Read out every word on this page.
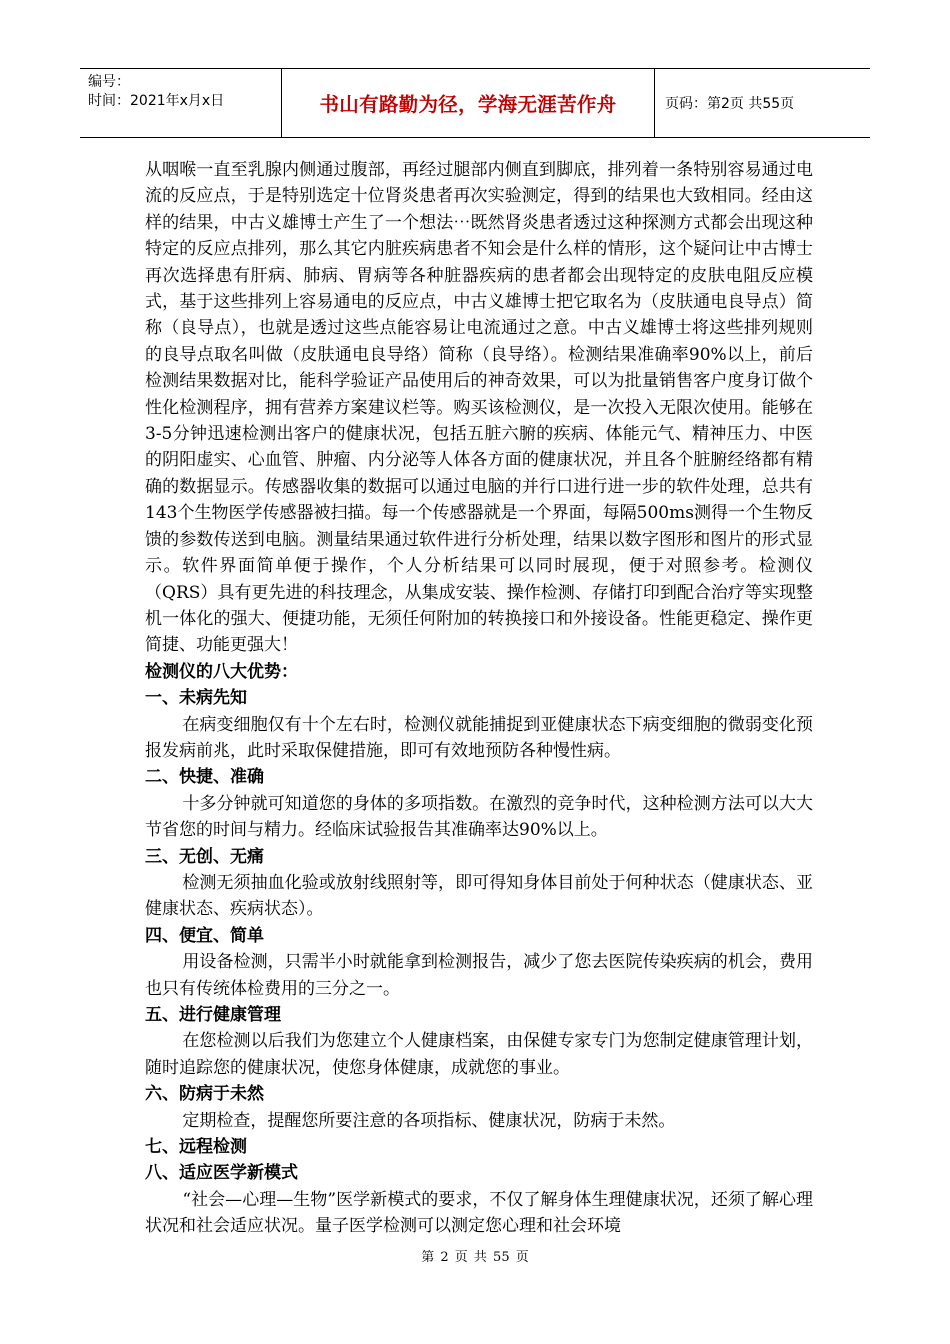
编号：
时间：2021年x月x日	书山有路勤为径，学海无涯苦作舟	页码：第2页 共55页

从咽喉一直至乳腺内侧通过腹部，再经过腿部内侧直到脚底，排列着一条特别容易通过电流的反应点，于是特别选定十位肾炎患者再次实验测定，得到的结果也大致相同。经由这样的结果，中古义雄博士产生了一个想法⋯既然肾炎患者透过这种探测方式都会出现这种特定的反应点排列，那么其它内脏疾病患者不知会是什么样的情形，这个疑问让中古博士再次选择患有肝病、肺病、胃病等各种脏器疾病的患者都会出现特定的皮肤电阻反应模式，基于这些排列上容易通电的反应点，中古义雄博士把它取名为（皮肤通电良导点）简称（良导点），也就是透过这些点能容易让电流通过之意。中古义雄博士将这些排列规则的良导点取名叫做（皮肤通电良导络）简称（良导络）。检测结果准确率90%以上，前后检测结果数据对比，能科学验证产品使用后的神奇效果，可以为批量销售客户度身订做个性化检测程序，拥有营养方案建议栏等。购买该检测仪，是一次投入无限次使用。能够在3-5分钟迅速检测出客户的健康状况，包括五脏六腑的疾病、体能元气、精神压力、中医的阴阳虚实、心血管、肿瘤、内分泌等人体各方面的健康状况，并且各个脏腑经络都有精确的数据显示。传感器收集的数据可以通过电脑的并行口进行进一步的软件处理，总共有143个生物医学传感器被扫描。每一个传感器就是一个界面，每隔500ms测得一个生物反馈的参数传送到电脑。测量结果通过软件进行分析处理，结果以数字图形和图片的形式显示。软件界面简单便于操作，个人分析结果可以同时展现，便于对照参考。检测仪（QRS）具有更先进的科技理念，从集成安装、操作检测、存储打印到配合治疗等实现整机一体化的强大、便捷功能，无须任何附加的转换接口和外接设备。性能更稳定、操作更简捷、功能更强大！

检测仪的八大优势：
一、未病先知

在病变细胞仅有十个左右时，检测仪就能捕捉到亚健康状态下病变细胞的微弱变化预报发病前兆，此时采取保健措施，即可有效地预防各种慢性病。

二、快捷、准确

十多分钟就可知道您的身体的多项指数。在激烈的竞争时代，这种检测方法可以大大节省您的时间与精力。经临床试验报告其准确率达90%以上。

三、无创、无痛

检测无须抽血化验或放射线照射等，即可得知身体目前处于何种状态（健康状态、亚健康状态、疾病状态）。

四、便宜、简单

用设备检测，只需半小时就能拿到检测报告，减少了您去医院传染疾病的机会，费用也只有传统体检费用的三分之一。

五、进行健康管理

在您检测以后我们为您建立个人健康档案，由保健专家专门为您制定健康管理计划，随时追踪您的健康状况，使您身体健康，成就您的事业。

六、防病于未然

定期检查，提醒您所要注意的各项指标、健康状况，防病于未然。

七、远程检测
八、适应医学新模式

“社会—心理—生物”医学新模式的要求，不仅了解身体生理健康状况，还须了解心理状况和社会适应状况。量子医学检测可以测定您心理和社会环境

第 2 页 共 55 页
